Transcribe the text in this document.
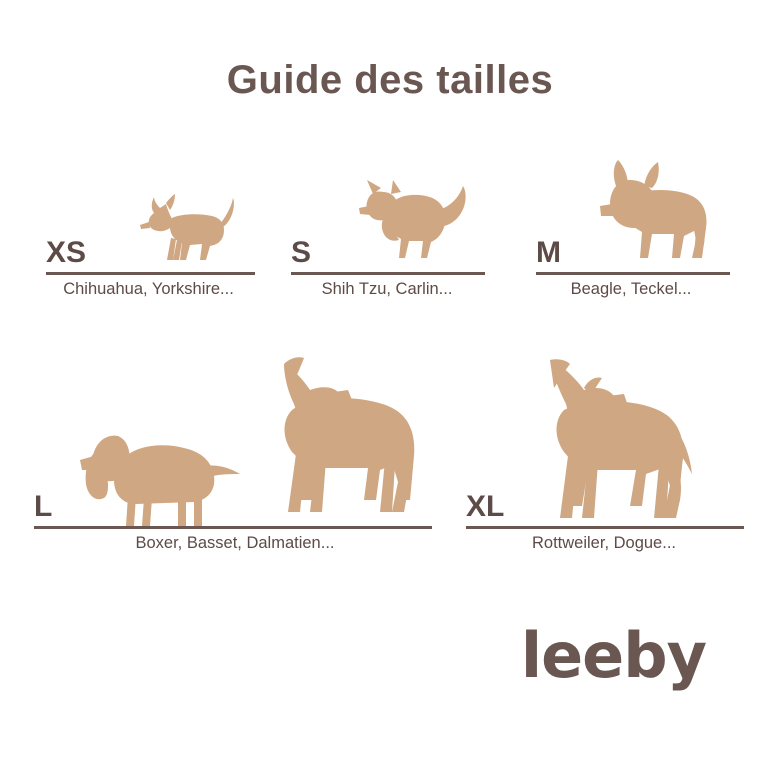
Guide des tailles
XS
Chihuahua, Yorkshire...
S
Shih Tzu, Carlin...
M
Beagle, Teckel...
L
Boxer, Basset, Dalmatien...
XL
Rottweiler, Dogue...
leeby
